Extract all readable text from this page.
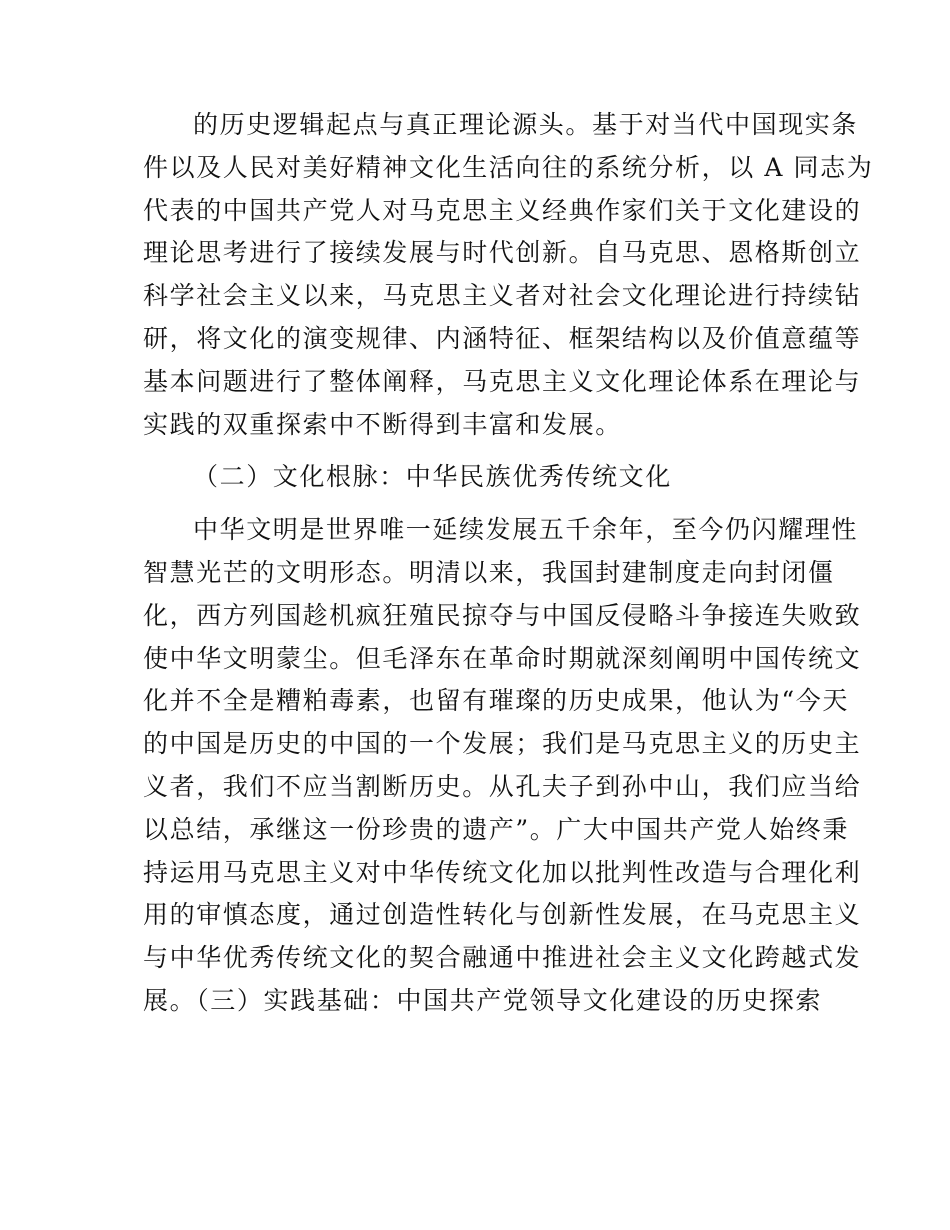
的历史逻辑起点与真正理论源头。基于对当代中国现实条
件以及人民对美好精神文化生活向往的系统分析，以 A 同志为
代表的中国共产党人对马克思主义经典作家们关于文化建设的
理论思考进行了接续发展与时代创新。自马克思、恩格斯创立
科学社会主义以来，马克思主义者对社会文化理论进行持续钻
研，将文化的演变规律、内涵特征、框架结构以及价值意蕴等
基本问题进行了整体阐释，马克思主义文化理论体系在理论与
实践的双重探索中不断得到丰富和发展。
（二）文化根脉：中华民族优秀传统文化
中华文明是世界唯一延续发展五千余年，至今仍闪耀理性
智慧光芒的文明形态。明清以来，我国封建制度走向封闭僵
化，西方列国趁机疯狂殖民掠夺与中国反侵略斗争接连失败致
使中华文明蒙尘。但毛泽东在革命时期就深刻阐明中国传统文
化并不全是糟粕毒素，也留有璀璨的历史成果，他认为“今天
的中国是历史的中国的一个发展；我们是马克思主义的历史主
义者，我们不应当割断历史。从孔夫子到孙中山，我们应当给
以总结，承继这一份珍贵的遗产”。广大中国共产党人始终秉
持运用马克思主义对中华传统文化加以批判性改造与合理化利
用的审慎态度，通过创造性转化与创新性发展，在马克思主义
与中华优秀传统文化的契合融通中推进社会主义文化跨越式发
展。（三）实践基础：中国共产党领导文化建设的历史探索
